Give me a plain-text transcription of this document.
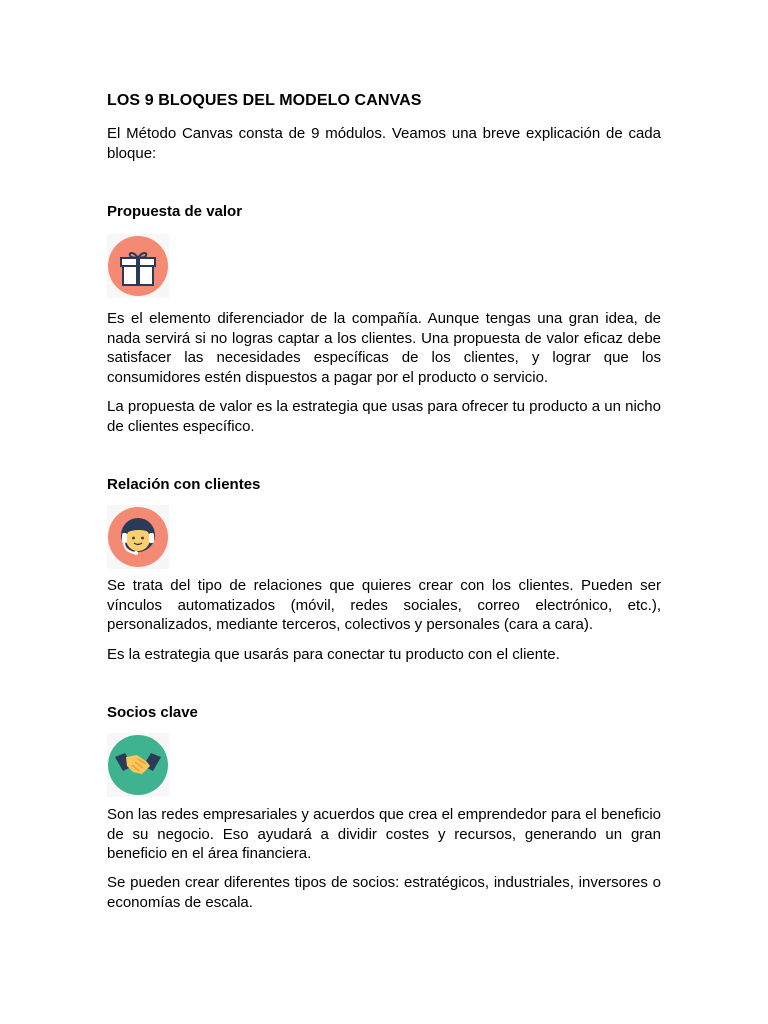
LOS 9 BLOQUES DEL MODELO CANVAS

El Método Canvas consta de 9 módulos. Veamos una breve explicación de cada bloque:

Propuesta de valor

Es el elemento diferenciador de la compañía. Aunque tengas una gran idea, de nada servirá si no logras captar a los clientes. Una propuesta de valor eficaz debe satisfacer las necesidades específicas de los clientes, y lograr que los consumidores estén dispuestos a pagar por el producto o servicio.

La propuesta de valor es la estrategia que usas para ofrecer tu producto a un nicho de clientes específico.

Relación con clientes

Se trata del tipo de relaciones que quieres crear con los clientes. Pueden ser vínculos automatizados (móvil, redes sociales, correo electrónico, etc.), personalizados, mediante terceros, colectivos y personales (cara a cara).

Es la estrategia que usarás para conectar tu producto con el cliente.

Socios clave

Son las redes empresariales y acuerdos que crea el emprendedor para el beneficio de su negocio. Eso ayudará a dividir costes y recursos, generando un gran beneficio en el área financiera.

Se pueden crear diferentes tipos de socios: estratégicos, industriales, inversores o economías de escala.
